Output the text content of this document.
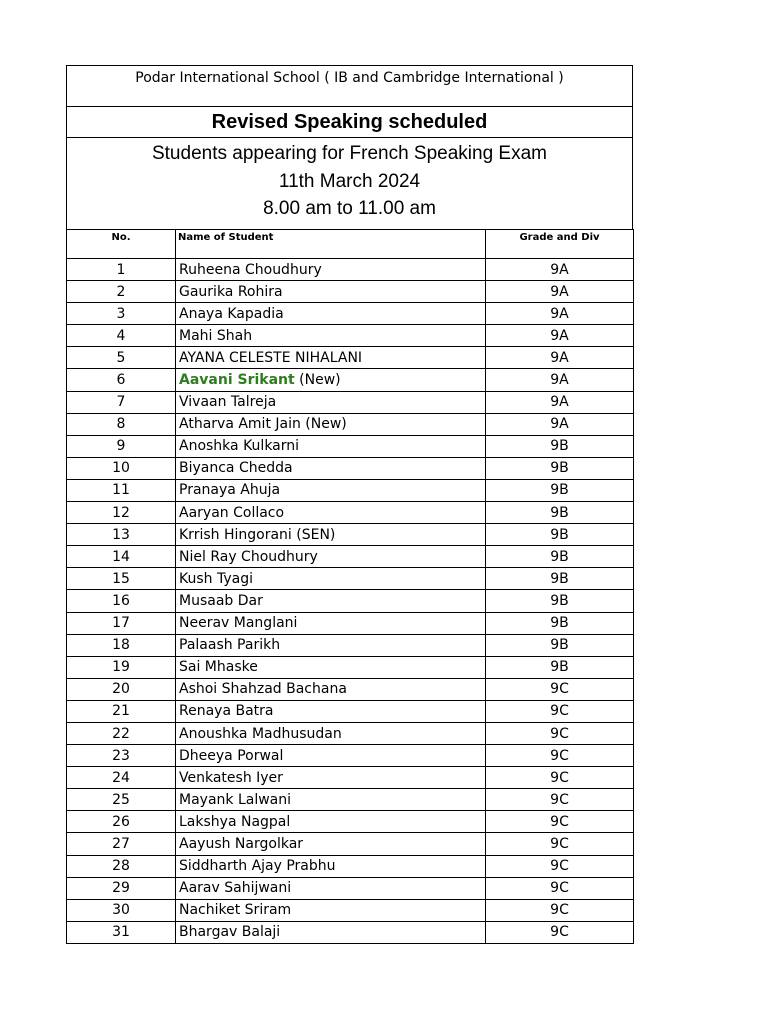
Podar International School ( IB and Cambridge International )
Revised Speaking scheduled
Students appearing for French Speaking Exam
11th March 2024
8.00 am to 11.00 am
No.	Name of Student	Grade and Div
1	Ruheena Choudhury	9A
2	Gaurika Rohira	9A
3	Anaya Kapadia	9A
4	Mahi Shah	9A
5	AYANA CELESTE NIHALANI	9A
6	Aavani Srikant (New)	9A
7	Vivaan Talreja	9A
8	Atharva Amit Jain (New)	9A
9	Anoshka Kulkarni	9B
10	Biyanca Chedda	9B
11	Pranaya Ahuja	9B
12	Aaryan Collaco	9B
13	Krrish Hingorani (SEN)	9B
14	Niel Ray Choudhury	9B
15	Kush Tyagi	9B
16	Musaab Dar	9B
17	Neerav Manglani	9B
18	Palaash Parikh	9B
19	Sai Mhaske	9B
20	Ashoi Shahzad Bachana	9C
21	Renaya Batra	9C
22	Anoushka Madhusudan	9C
23	Dheeya Porwal	9C
24	Venkatesh Iyer	9C
25	Mayank Lalwani	9C
26	Lakshya Nagpal	9C
27	Aayush Nargolkar	9C
28	Siddharth Ajay Prabhu	9C
29	Aarav Sahijwani	9C
30	Nachiket Sriram	9C
31	Bhargav Balaji	9C
